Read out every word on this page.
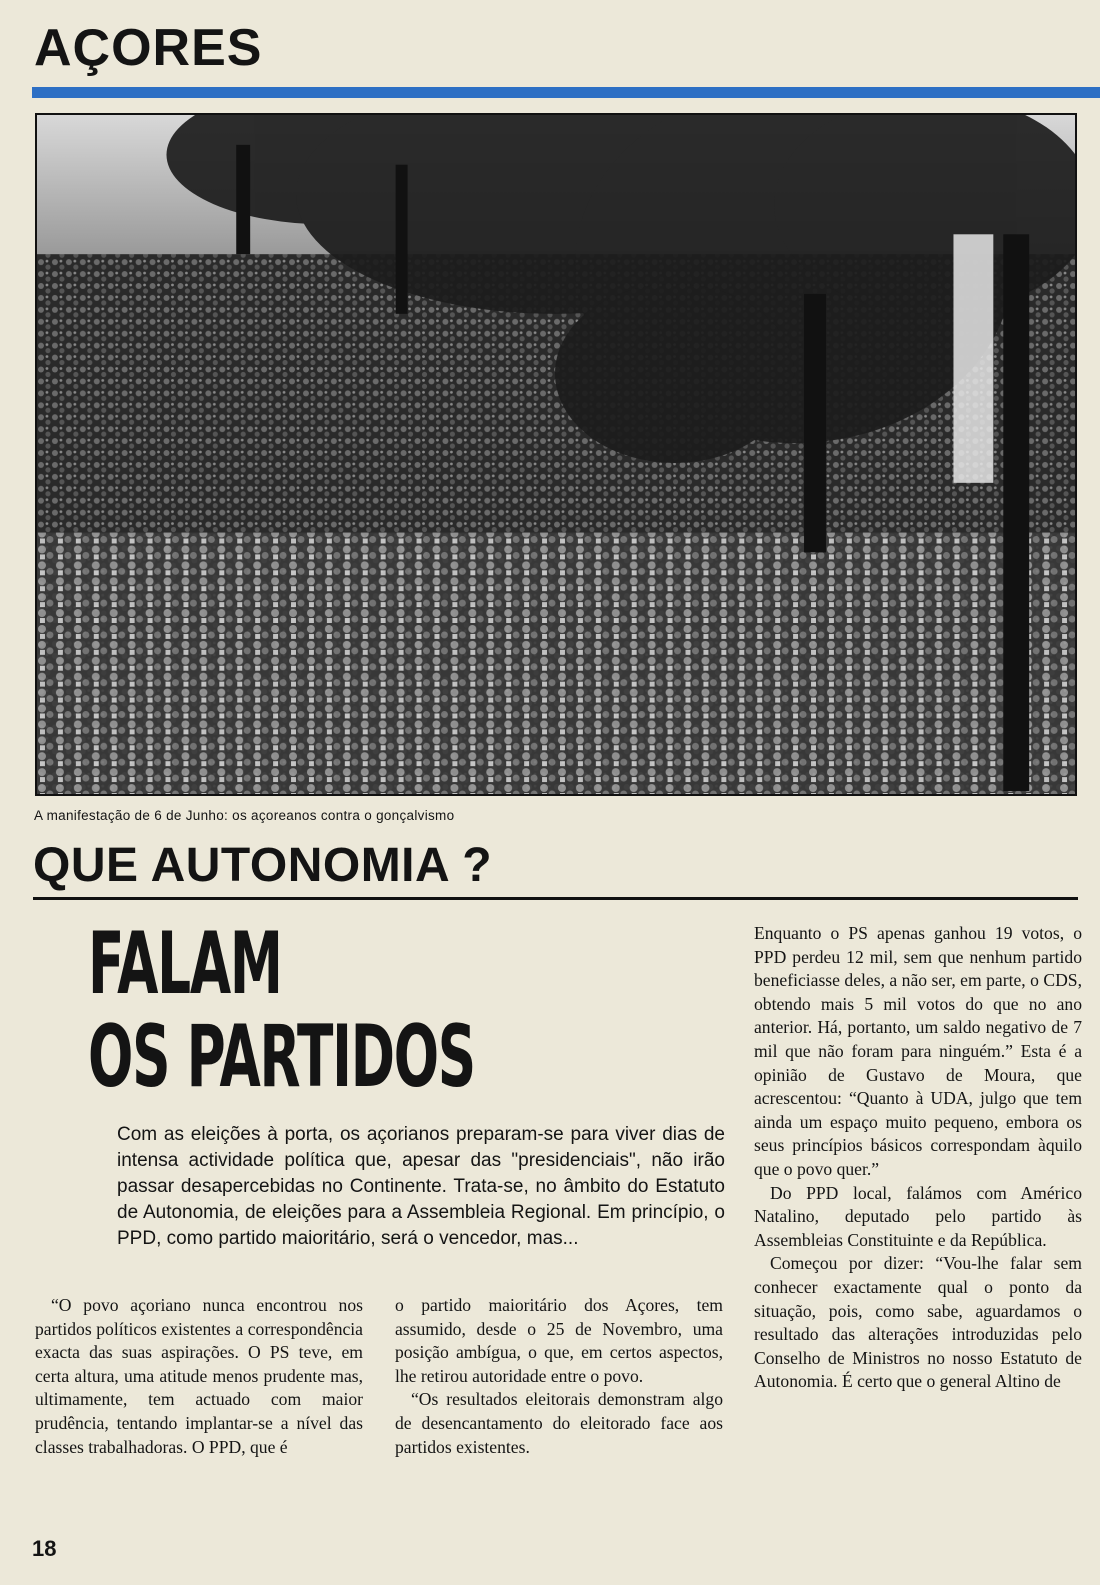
AÇORES
A manifestação de 6 de Junho: os açoreanos contra o gonçalvismo
QUE AUTONOMIA ?
FALAM
OS PARTIDOS

Com as eleições à porta, os açorianos preparam-se para viver dias de intensa actividade política que, apesar das "presidenciais", não irão passar desapercebidas no Continente. Trata-se, no âmbito do Estatuto de Autonomia, de eleições para a Assembleia Regional. Em princípio, o PPD, como partido maioritário, será o vencedor, mas...

“O povo açoriano nunca encontrou nos partidos políticos existentes a correspondência exacta das suas aspirações. O PS teve, em certa altura, uma atitude menos prudente mas, ultimamente, tem actuado com maior prudência, tentando implantar-se a nível das classes trabalhadoras. O PPD, que é

o partido maioritário dos Açores, tem assumido, desde o 25 de Novembro, uma posição ambígua, o que, em certos aspectos, lhe retirou autoridade entre o povo.

“Os resultados eleitorais demonstram algo de desencantamento do eleitorado face aos partidos existentes.

Enquanto o PS apenas ganhou 19 votos, o PPD perdeu 12 mil, sem que nenhum partido beneficiasse deles, a não ser, em parte, o CDS, obtendo mais 5 mil votos do que no ano anterior. Há, portanto, um saldo negativo de 7 mil que não foram para ninguém.” Esta é a opinião de Gustavo de Moura, que acrescentou: “Quanto à UDA, julgo que tem ainda um espaço muito pequeno, embora os seus princípios básicos correspondam àquilo que o povo quer.”

Do PPD local, falámos com Américo Natalino, deputado pelo partido às Assembleias Constituinte e da República.

Começou por dizer: “Vou-lhe falar sem conhecer exactamente qual o ponto da situação, pois, como sabe, aguardamos o resultado das alterações introduzidas pelo Conselho de Ministros no nosso Estatuto de Autonomia. É certo que o general Altino de

18
